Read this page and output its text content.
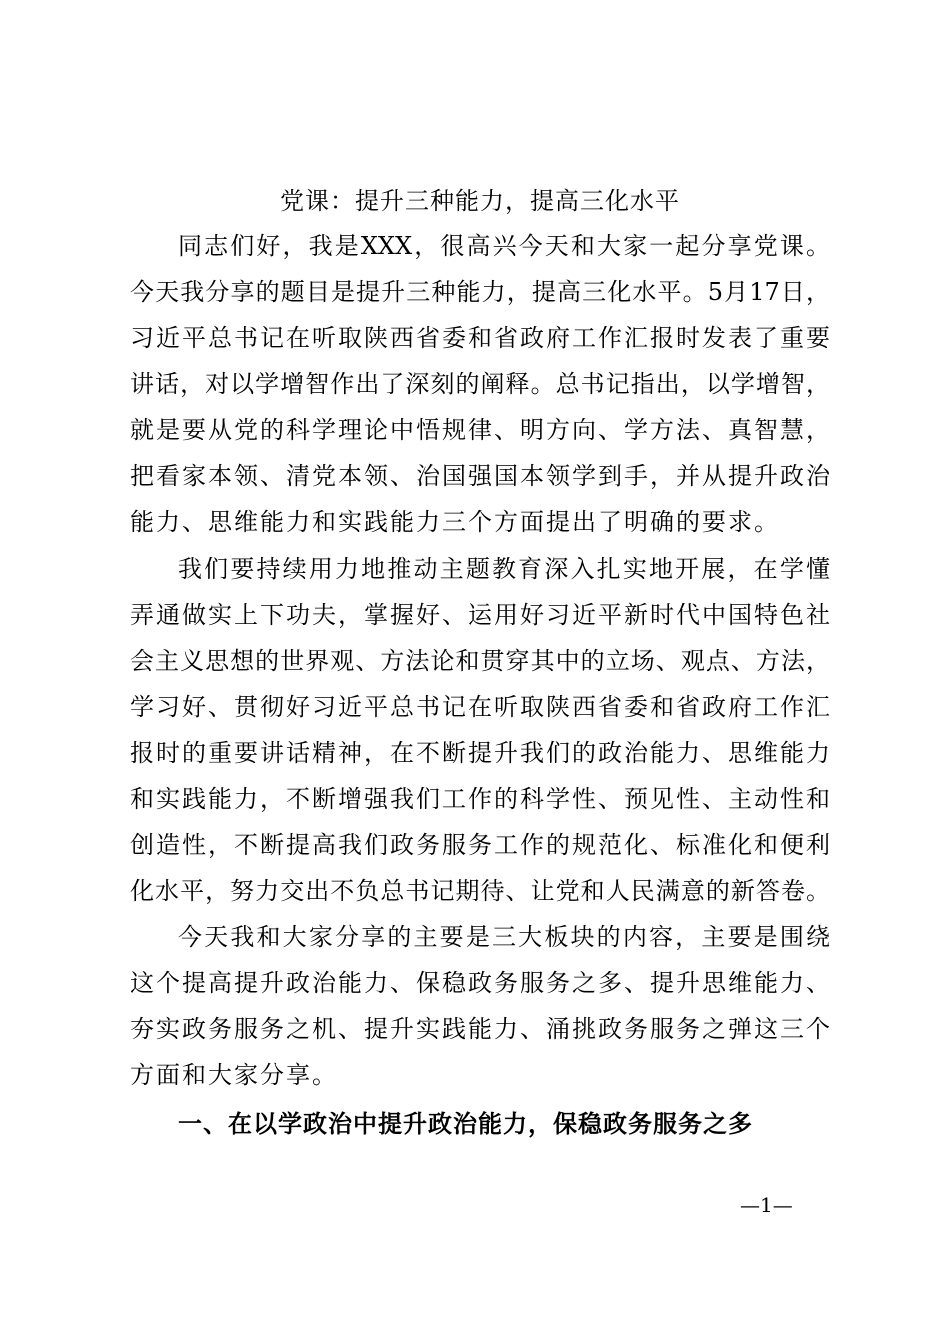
党课：提升三种能力，提高三化水平
同志们好，我是XXX，很高兴今天和大家一起分享党课。
今天我分享的题目是提升三种能力，提高三化水平。5月17日，
习近平总书记在听取陕西省委和省政府工作汇报时发表了重要
讲话，对以学增智作出了深刻的阐释。总书记指出，以学增智，
就是要从党的科学理论中悟规律、明方向、学方法、真智慧，
把看家本领、清党本领、治国强国本领学到手，并从提升政治
能力、思维能力和实践能力三个方面提出了明确的要求。
我们要持续用力地推动主题教育深入扎实地开展，在学懂
弄通做实上下功夫，掌握好、运用好习近平新时代中国特色社
会主义思想的世界观、方法论和贯穿其中的立场、观点、方法，
学习好、贯彻好习近平总书记在听取陕西省委和省政府工作汇
报时的重要讲话精神，在不断提升我们的政治能力、思维能力
和实践能力，不断增强我们工作的科学性、预见性、主动性和
创造性，不断提高我们政务服务工作的规范化、标准化和便利
化水平，努力交出不负总书记期待、让党和人民满意的新答卷。
今天我和大家分享的主要是三大板块的内容，主要是围绕
这个提高提升政治能力、保稳政务服务之多、提升思维能力、
夯实政务服务之机、提升实践能力、涌挑政务服务之弹这三个
方面和大家分享。
一、在以学政治中提升政治能力，保稳政务服务之多
—1—
